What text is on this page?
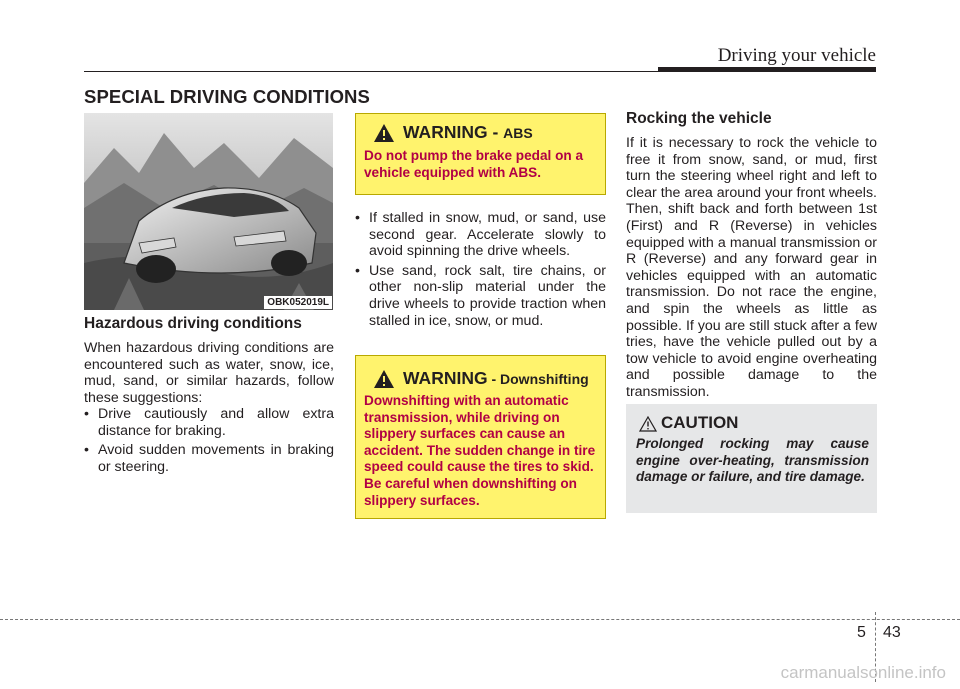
Driving your vehicle
SPECIAL DRIVING CONDITIONS
OBK052019L
Hazardous driving conditions
When hazardous driving conditions are encountered such as water, snow, ice, mud, sand, or similar hazards, follow these suggestions:
• Drive cautiously and allow extra distance for braking.
• Avoid sudden movements in braking or steering.
WARNING - ABS
Do not pump the brake pedal on a vehicle equipped with ABS.
• If stalled in snow, mud, or sand, use second gear. Accelerate slowly to avoid spinning the drive wheels.
• Use sand, rock salt, tire chains, or other non-slip material under the drive wheels to provide traction when stalled in ice, snow, or mud.
WARNING - Downshifting
Downshifting with an automatic transmission, while driving on slippery surfaces can cause an accident. The sudden change in tire speed could cause the tires to skid. Be careful when downshifting on slippery surfaces.
Rocking the vehicle
If it is necessary to rock the vehicle to free it from snow, sand, or mud, first turn the steering wheel right and left to clear the area around your front wheels. Then, shift back and forth between 1st (First) and R (Reverse) in vehicles equipped with a manual transmission or R (Reverse) and any forward gear in vehicles equipped with an automatic transmission. Do not race the engine, and spin the wheels as little as possible. If you are still stuck after a few tries, have the vehicle pulled out by a tow vehicle to avoid engine overheating and possible damage to the transmission.
CAUTION
Prolonged rocking may cause engine over-heating, transmission damage or failure, and tire damage.
5 43
carmanualsonline.info
